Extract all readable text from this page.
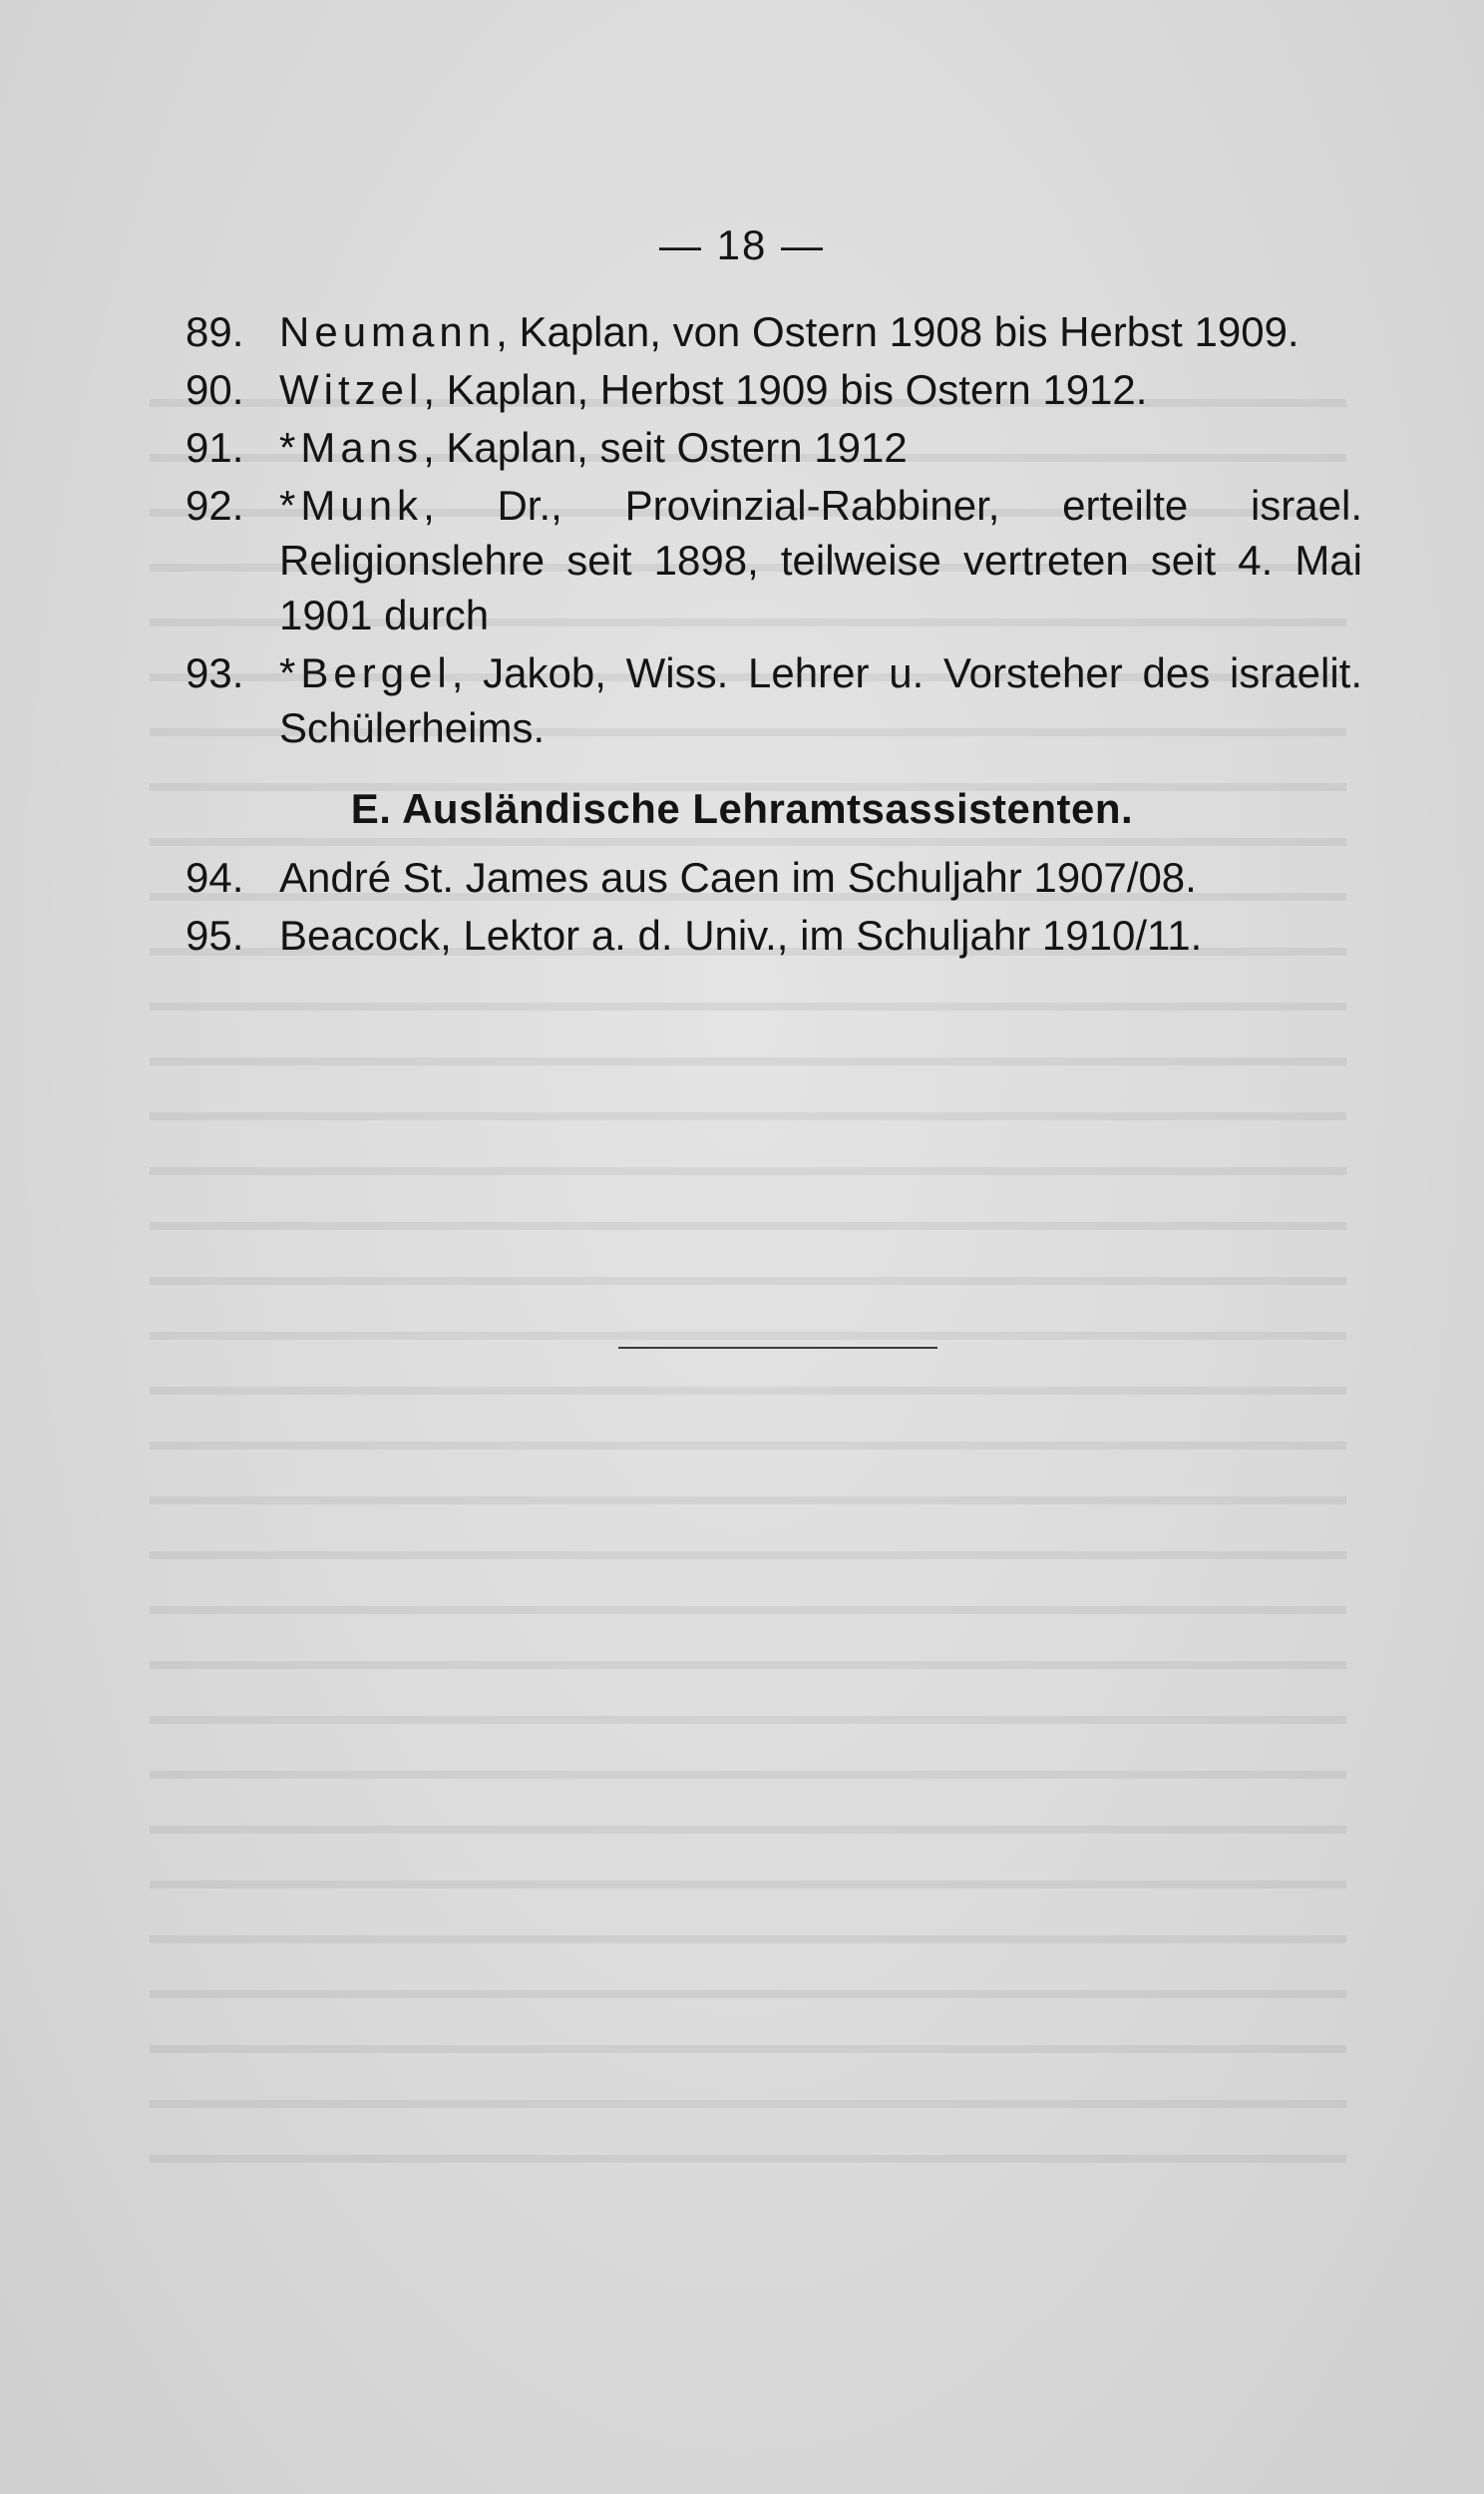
— 18 —
89. Neumann, Kaplan, von Ostern 1908 bis Herbst 1909.
90. Witzel, Kaplan, Herbst 1909 bis Ostern 1912.
91. *Mans, Kaplan, seit Ostern 1912
92. *Munk, Dr., Provinzial-Rabbiner, erteilte israel. Religionslehre seit 1898, teilweise vertreten seit 4. Mai 1901 durch
93. *Bergel, Jakob, Wiss. Lehrer u. Vorsteher des israelit. Schülerheims.
E. Ausländische Lehramtsassistenten.
94. André St. James aus Caen im Schuljahr 1907/08.
95. Beacock, Lektor a. d. Univ., im Schuljahr 1910/11.
